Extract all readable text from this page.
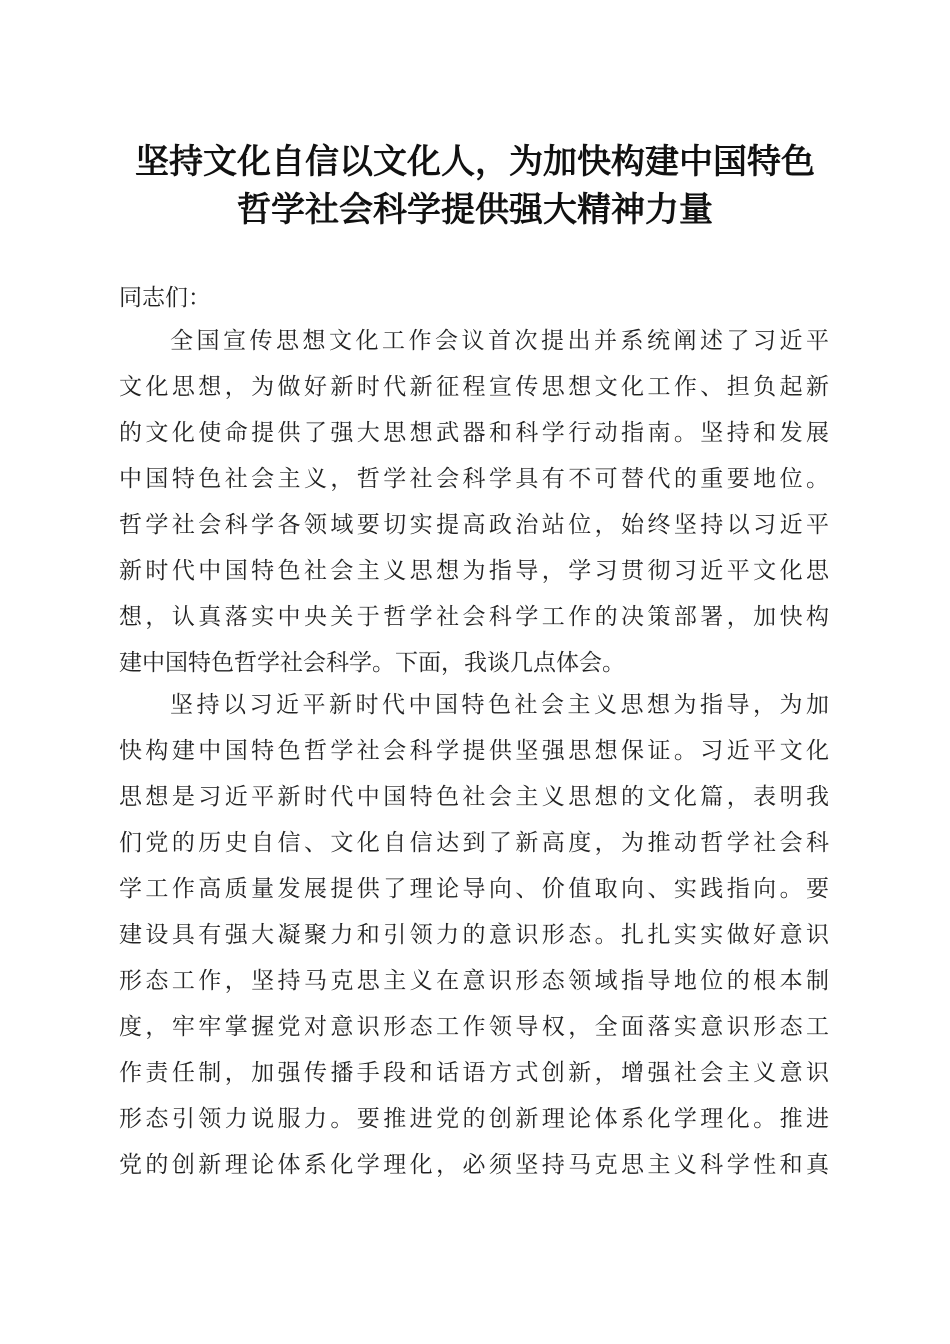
坚持文化自信以文化人，为加快构建中国特色
哲学社会科学提供强大精神力量

同志们：

全国宣传思想文化工作会议首次提出并系统阐述了习近平
文化思想，为做好新时代新征程宣传思想文化工作、担负起新
的文化使命提供了强大思想武器和科学行动指南。坚持和发展
中国特色社会主义，哲学社会科学具有不可替代的重要地位。
哲学社会科学各领域要切实提高政治站位，始终坚持以习近平
新时代中国特色社会主义思想为指导，学习贯彻习近平文化思
想，认真落实中央关于哲学社会科学工作的决策部署，加快构
建中国特色哲学社会科学。下面，我谈几点体会。
坚持以习近平新时代中国特色社会主义思想为指导，为加
快构建中国特色哲学社会科学提供坚强思想保证。习近平文化
思想是习近平新时代中国特色社会主义思想的文化篇，表明我
们党的历史自信、文化自信达到了新高度，为推动哲学社会科
学工作高质量发展提供了理论导向、价值取向、实践指向。要
建设具有强大凝聚力和引领力的意识形态。扎扎实实做好意识
形态工作，坚持马克思主义在意识形态领域指导地位的根本制
度，牢牢掌握党对意识形态工作领导权，全面落实意识形态工
作责任制，加强传播手段和话语方式创新，增强社会主义意识
形态引领力说服力。要推进党的创新理论体系化学理化。推进
党的创新理论体系化学理化，必须坚持马克思主义科学性和真
